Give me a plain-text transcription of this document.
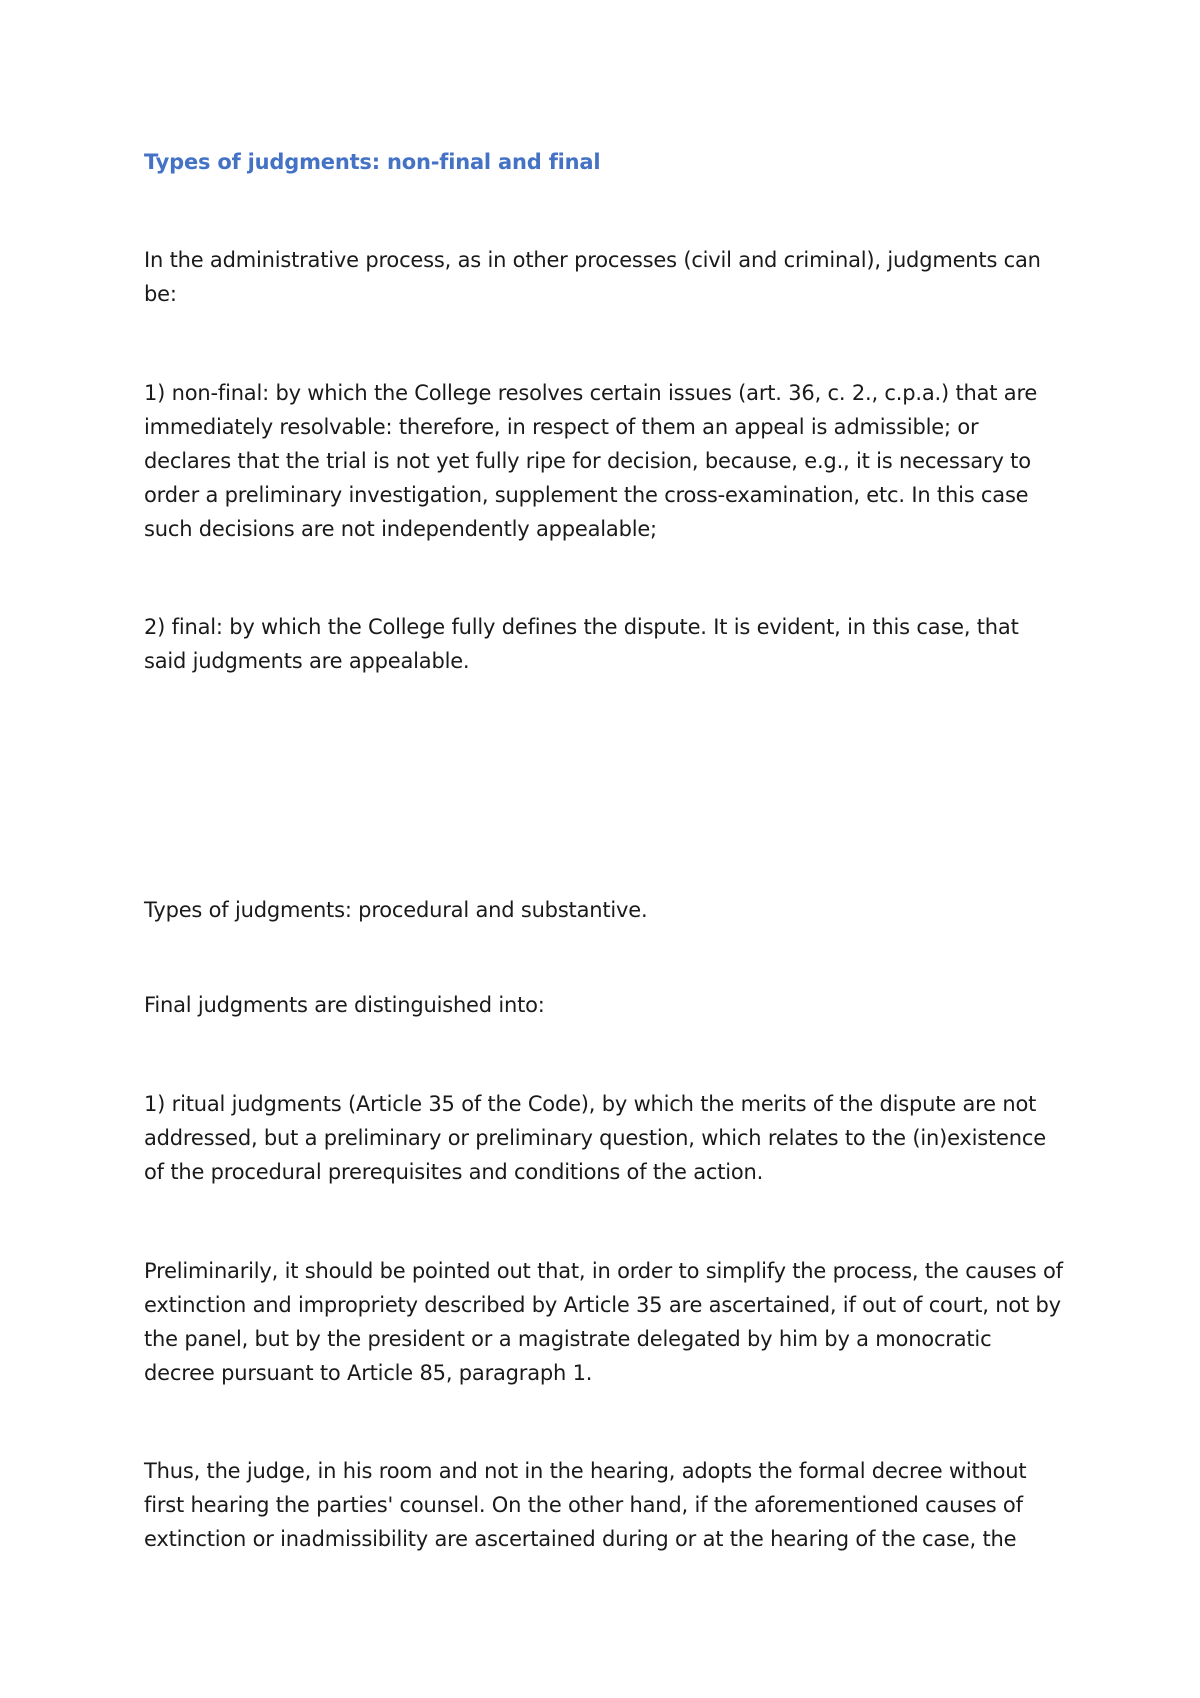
Types of judgments: non-final and final

In the administrative process, as in other processes (civil and criminal), judgments can be:

1) non-final: by which the College resolves certain issues (art. 36, c. 2., c.p.a.) that are immediately resolvable: therefore, in respect of them an appeal is admissible; or declares that the trial is not yet fully ripe for decision, because, e.g., it is necessary to order a preliminary investigation, supplement the cross-examination, etc. In this case such decisions are not independently appealable;

2) final: by which the College fully defines the dispute. It is evident, in this case, that said judgments are appealable.

Types of judgments: procedural and substantive.

Final judgments are distinguished into:

1) ritual judgments (Article 35 of the Code), by which the merits of the dispute are not addressed, but a preliminary or preliminary question, which relates to the (in)existence of the procedural prerequisites and conditions of the action.

Preliminarily, it should be pointed out that, in order to simplify the process, the causes of extinction and impropriety described by Article 35 are ascertained, if out of court, not by the panel, but by the president or a magistrate delegated by him by a monocratic decree pursuant to Article 85, paragraph 1.

Thus, the judge, in his room and not in the hearing, adopts the formal decree without first hearing the parties' counsel. On the other hand, if the aforementioned causes of extinction or inadmissibility are ascertained during or at the hearing of the case, the
